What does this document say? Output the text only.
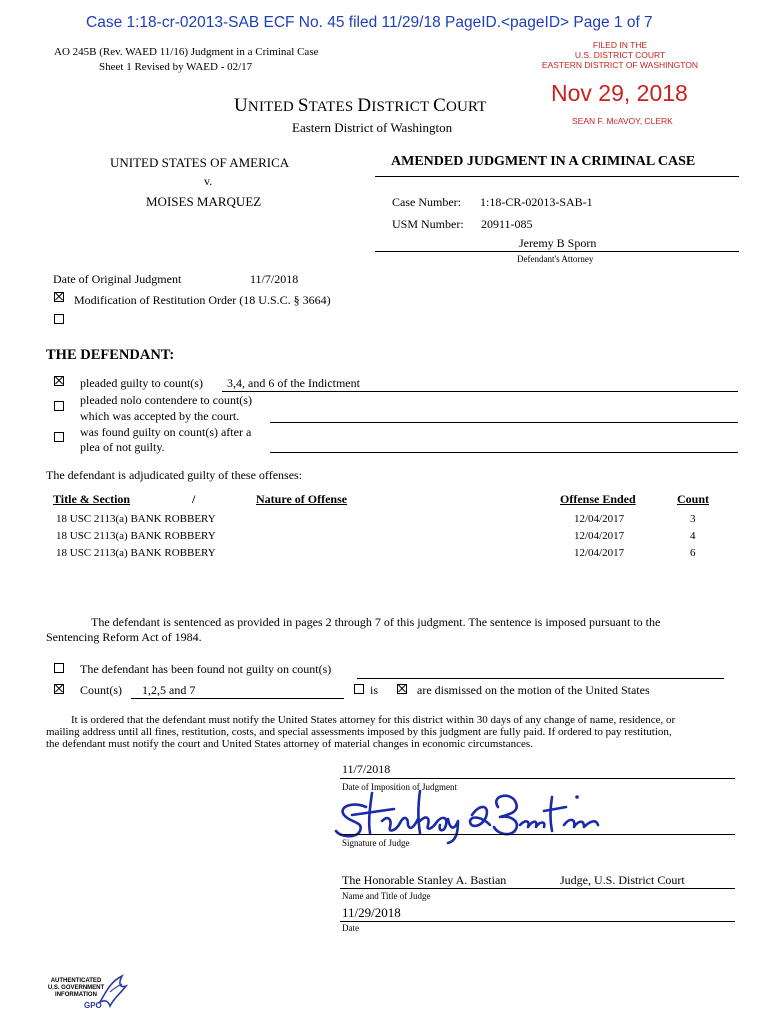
Case 1:18-cr-02013-SAB ECF No. 45 filed 11/29/18 PageID.<pageID> Page 1 of 7
AO 245B (Rev. WAED 11/16) Judgment in a Criminal Case
Sheet 1 Revised by WAED - 02/17
FILED IN THE
U.S. DISTRICT COURT
EASTERN DISTRICT OF WASHINGTON
Nov 29, 2018
SEAN F. McAVOY, CLERK
UNITED STATES DISTRICT COURT
Eastern District of Washington
UNITED STATES OF AMERICA
v.
MOISES MARQUEZ
AMENDED JUDGMENT IN A CRIMINAL CASE
Case Number: 1:18-CR-02013-SAB-1
USM Number: 20911-085
Jeremy B Sporn
Defendant's Attorney
Date of Original Judgment	11/7/2018
Modification of Restitution Order (18 U.S.C. § 3664)
THE DEFENDANT:
pleaded guilty to count(s) 3,4, and 6 of the Indictment
pleaded nolo contendere to count(s)
which was accepted by the court.
was found guilty on count(s) after a
plea of not guilty.
The defendant is adjudicated guilty of these offenses:
Title & Section	/	Nature of Offense	Offense Ended	Count
18 USC 2113(a) BANK ROBBERY	12/04/2017	3
18 USC 2113(a) BANK ROBBERY	12/04/2017	4
18 USC 2113(a) BANK ROBBERY	12/04/2017	6
The defendant is sentenced as provided in pages 2 through 7 of this judgment. The sentence is imposed pursuant to the
Sentencing Reform Act of 1984.
The defendant has been found not guilty on count(s)
Count(s) 1,2,5 and 7	is	are dismissed on the motion of the United States
It is ordered that the defendant must notify the United States attorney for this district within 30 days of any change of name, residence, or
mailing address until all fines, restitution, costs, and special assessments imposed by this judgment are fully paid. If ordered to pay restitution,
the defendant must notify the court and United States attorney of material changes in economic circumstances.
11/7/2018
Date of Imposition of Judgment
Signature of Judge
The Honorable Stanley A. Bastian	Judge, U.S. District Court
Name and Title of Judge
11/29/2018
Date
AUTHENTICATED
U.S. GOVERNMENT
INFORMATION
GPO
